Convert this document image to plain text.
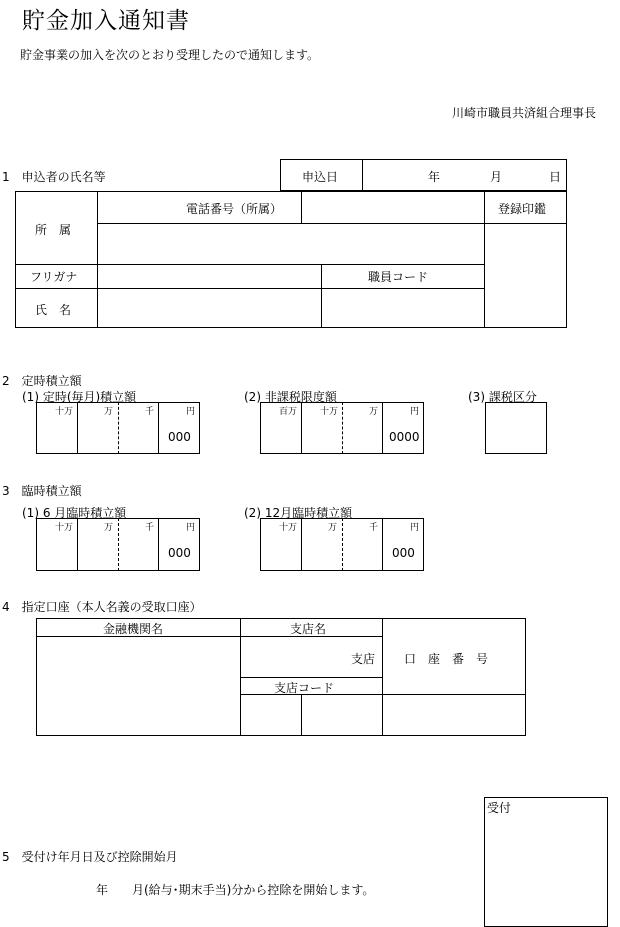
貯金加入通知書
貯金事業の加入を次のとおり受理したので通知します。
川崎市職員共済組合理事長
1　申込者の氏名等	申込日	年	月	日
所　属
電話番号（所属）	登録印鑑
フリガナ	職員コード
氏　名
2　定時積立額
(1) 定時(毎月)積立額	(2) 非課税限度額	(3) 課税区分
十万	万	千	円
000
百万	十万	万	円
0000
3　臨時積立額
(1) 6 月臨時積立額	(2) 12月臨時積立額
十万	万	千	円
000
十万	万	千	円
000
4　指定口座（本人名義の受取口座）
金融機関名	支店名
支店
支店コード
口　座　番　号
5　受付け年月日及び控除開始月
年　　月(給与･期末手当)分から控除を開始します。
受付
